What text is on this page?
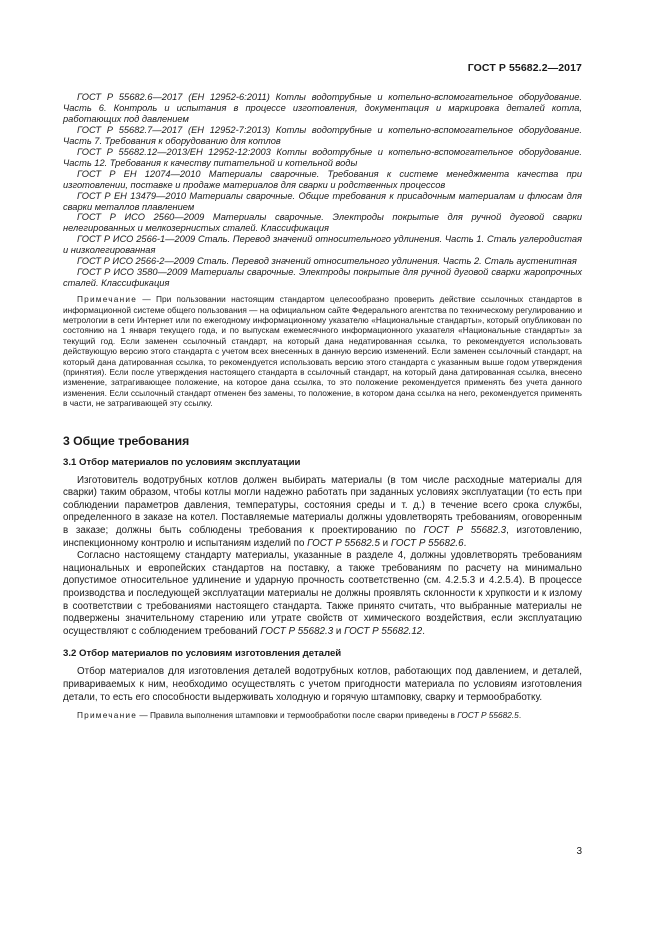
ГОСТ Р 55682.2—2017

ГОСТ Р 55682.6—2017 (ЕН 12952-6:2011) Котлы водотрубные и котельно-вспомогательное оборудование. Часть 6. Контроль и испытания в процессе изготовления, документация и маркировка деталей котла, работающих под давлением

ГОСТ Р 55682.7—2017 (ЕН 12952-7:2013) Котлы водотрубные и котельно-вспомогательное оборудование. Часть 7. Требования к оборудованию для котлов

ГОСТ Р 55682.12—2013/ЕН 12952-12:2003 Котлы водотрубные и котельно-вспомогательное оборудование. Часть 12. Требования к качеству питательной и котельной воды

ГОСТ Р ЕН 12074—2010 Материалы сварочные. Требования к системе менеджмента качества при изготовлении, поставке и продаже материалов для сварки и родственных процессов

ГОСТ Р ЕН 13479—2010 Материалы сварочные. Общие требования к присадочным материалам и флюсам для сварки металлов плавлением

ГОСТ Р ИСО 2560—2009 Материалы сварочные. Электроды покрытые для ручной дуговой сварки нелегированных и мелкозернистых сталей. Классификация

ГОСТ Р ИСО 2566-1—2009 Сталь. Перевод значений относительного удлинения. Часть 1. Сталь углеродистая и низколегированная

ГОСТ Р ИСО 2566-2—2009 Сталь. Перевод значений относительного удлинения. Часть 2. Сталь аустенитная

ГОСТ Р ИСО 3580—2009 Материалы сварочные. Электроды покрытые для ручной дуговой сварки жаропрочных сталей. Классификация

Примечание — При пользовании настоящим стандартом целесообразно проверить действие ссылочных стандартов в информационной системе общего пользования — на официальном сайте Федерального агентства по техническому регулированию и метрологии в сети Интернет или по ежегодному информационному указателю «Национальные стандарты», который опубликован по состоянию на 1 января текущего года, и по выпускам ежемесячного информационного указателя «Национальные стандарты» за текущий год. Если заменен ссылочный стандарт, на который дана недатированная ссылка, то рекомендуется использовать действующую версию этого стандарта с учетом всех внесенных в данную версию изменений. Если заменен ссылочный стандарт, на который дана датированная ссылка, то рекомендуется использовать версию этого стандарта с указанным выше годом утверждения (принятия). Если после утверждения настоящего стандарта в ссылочный стандарт, на который дана датированная ссылка, внесено изменение, затрагивающее положение, на которое дана ссылка, то это положение рекомендуется применять без учета данного изменения. Если ссылочный стандарт отменен без замены, то положение, в котором дана ссылка на него, рекомендуется применять в части, не затрагивающей эту ссылку.

3 Общие требования
3.1 Отбор материалов по условиям эксплуатации

Изготовитель водотрубных котлов должен выбирать материалы (в том числе расходные материалы для сварки) таким образом, чтобы котлы могли надежно работать при заданных условиях эксплуатации (то есть при соблюдении параметров давления, температуры, состояния среды и т. д.) в течение всего срока службы, определенного в заказе на котел. Поставляемые материалы должны удовлетворять требованиям, оговоренным в заказе; должны быть соблюдены требования к проектированию по ГОСТ Р 55682.3, изготовлению, инспекционному контролю и испытаниям изделий по ГОСТ Р 55682.5 и ГОСТ Р 55682.6.

Согласно настоящему стандарту материалы, указанные в разделе 4, должны удовлетворять требованиям национальных и европейских стандартов на поставку, а также требованиям по расчету на минимально допустимое относительное удлинение и ударную прочность соответственно (см. 4.2.5.3 и 4.2.5.4). В процессе производства и последующей эксплуатации материалы не должны проявлять склонности к хрупкости и к излому в соответствии с требованиями настоящего стандарта. Также принято считать, что выбранные материалы не подвержены значительному старению или утрате свойств от химического воздействия, если эксплуатацию осуществляют с соблюдением требований ГОСТ Р 55682.3 и ГОСТ Р 55682.12.

3.2 Отбор материалов по условиям изготовления деталей

Отбор материалов для изготовления деталей водотрубных котлов, работающих под давлением, и деталей, привариваемых к ним, необходимо осуществлять с учетом пригодности материала по условиям изготовления детали, то есть его способности выдерживать холодную и горячую штамповку, сварку и термообработку.

Примечание — Правила выполнения штамповки и термообработки после сварки приведены в ГОСТ Р 55682.5.

3
